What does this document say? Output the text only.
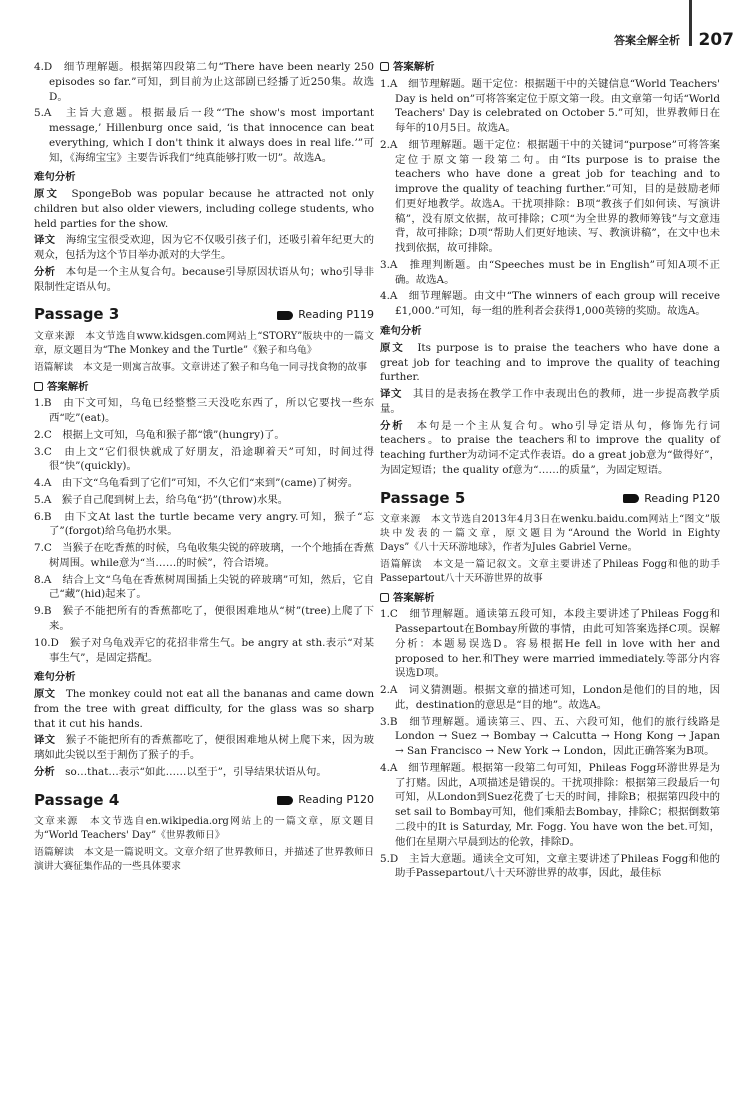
答案全解全析 207

4.D　细节理解题。根据第四段第二句“There have been nearly 250 episodes so far.”可知，到目前为止这部剧已经播了近250集。故选D。

5.A　主旨大意题。根据最后一段“‘The show's most important message,’ Hillenburg once said, ‘is that innocence can beat everything, which I don't think it always does in real life.’”可知，《海绵宝宝》主要告诉我们“纯真能够打败一切”。故选A。

难句分析

原文　 SpongeBob was popular because he attracted not only children but also older viewers, including college students, who held parties for the show.

译文　 海绵宝宝很受欢迎，因为它不仅吸引孩子们，还吸引着年纪更大的观众，包括为这个节目举办派对的大学生。

分析　 本句是一个主从复合句。because引导原因状语从句；who引导非限制性定语从句。

Passage 3	Reading P119

文章来源　本文节选自www.kidsgen.com网站上“STORY”版块中的一篇文章，原文题目为“The Monkey and the Turtle”《猴子和乌龟》

语篇解读　本文是一则寓言故事。文章讲述了猴子和乌龟一同寻找食物的故事

答案解析

1.B　由下文可知，乌龟已经整整三天没吃东西了，所以它要找一些东西“吃”(eat)。

2.C　根据上文可知，乌龟和猴子都“饿”(hungry)了。

3.C　由上文“它们很快就成了好朋友，沿途聊着天”可知，时间过得很“快”(quickly)。

4.A　由下文“乌龟看到了它们”可知，不久它们“来到”(came)了树旁。

5.A　猴子自己爬到树上去，给乌龟“扔”(throw)水果。

6.B　由下文At last the turtle became very angry.可知，猴子“忘了”(forgot)给乌龟扔水果。

7.C　当猴子在吃香蕉的时候，乌龟收集尖锐的碎玻璃，一个个地插在香蕉树周围。while意为“当……的时候”，符合语境。

8.A　结合上文“乌龟在香蕉树周围插上尖锐的碎玻璃”可知，然后，它自己“藏”(hid)起来了。

9.B　猴子不能把所有的香蕉都吃了，便很困难地从“树”(tree)上爬了下来。

10.D　猴子对乌龟戏弄它的花招非常生气。be angry at sth.表示“对某事生气”，是固定搭配。

难句分析

原文　 The monkey could not eat all the bananas and came down from the tree with great difficulty, for the glass was so sharp that it cut his hands.

译文　 猴子不能把所有的香蕉都吃了，便很困难地从树上爬下来，因为玻璃如此尖锐以至于割伤了猴子的手。

分析　 so…that…表示“如此……以至于”，引导结果状语从句。

Passage 4	Reading P120

文章来源　本文节选自en.wikipedia.org网站上的一篇文章，原文题目为“World Teachers' Day”《世界教师日》

语篇解读　本文是一篇说明文。文章介绍了世界教师日，并描述了世界教师日演讲大赛征集作品的一些具体要求

答案解析

1.A　细节理解题。题干定位：根据题干中的关键信息“World Teachers' Day is held on”可将答案定位于原文第一段。由文章第一句话“World Teachers' Day is celebrated on October 5.”可知，世界教师日在每年的10月5日。故选A。

2.A　细节理解题。题干定位：根据题干中的关键词“purpose”可将答案定位于原文第一段第二句。由“Its purpose is to praise the teachers who have done a great job for teaching and to improve the quality of teaching further.”可知，目的是鼓励老师们更好地教学。故选A。干扰项排除：B项“教孩子们如何读、写演讲稿”，没有原文依据，故可排除；C项“为全世界的教师筹钱”与文意违背，故可排除；D项“帮助人们更好地读、写、教演讲稿”，在文中也未找到依据，故可排除。

3.A　推理判断题。由“Speeches must be in English”可知A项不正确。故选A。

4.A　细节理解题。由文中“The winners of each group will receive £1,000.”可知，每一组的胜利者会获得1,000英镑的奖励。故选A。

难句分析

原文　 Its purpose is to praise the teachers who have done a great job for teaching and to improve the quality of teaching further.

译文　 其目的是表扬在教学工作中表现出色的教师，进一步提高教学质量。

分析　 本句是一个主从复合句。who引导定语从句，修饰先行词teachers。to praise the teachers和to improve the quality of teaching further为动词不定式作表语。do a great job意为“做得好”，为固定短语；the quality of意为“……的质量”，为固定短语。

Passage 5	Reading P120

文章来源　本文节选自2013年4月3日在wenku.baidu.com网站上“图文”版块中发表的一篇文章，原文题目为“Around the World in Eighty Days”《八十天环游地球》，作者为Jules Gabriel Verne。

语篇解读　本文是一篇记叙文。文章主要讲述了Phileas Fogg和他的助手Passepartout八十天环游世界的故事

答案解析

1.C　细节理解题。通读第五段可知，本段主要讲述了Phileas Fogg和Passepartout在Bombay所做的事情，由此可知答案选择C项。误解分析：本题易误选D。容易根据He fell in love with her and proposed to her.和They were married immediately.等部分内容误选D项。

2.A　词义猜测题。根据文章的描述可知，London是他们的目的地，因此，destination的意思是“目的地”。故选A。

3.B　细节理解题。通读第三、四、五、六段可知，他们的旅行线路是London → Suez → Bombay → Calcutta → Hong Kong → Japan → San Francisco → New York → London，因此正确答案为B项。

4.A　细节理解题。根据第一段第二句可知，Phileas Fogg环游世界是为了打赌。因此，A项描述是错误的。干扰项排除：根据第三段最后一句可知，从London到Suez花费了七天的时间，排除B；根据第四段中的set sail to Bombay可知，他们乘船去Bombay，排除C；根据倒数第二段中的It is Saturday, Mr. Fogg. You have won the bet.可知，他们在星期六早晨到达的伦敦，排除D。

5.D　主旨大意题。通读全文可知，文章主要讲述了Phileas Fogg和他的助手Passepartout八十天环游世界的故事，因此，最佳标
